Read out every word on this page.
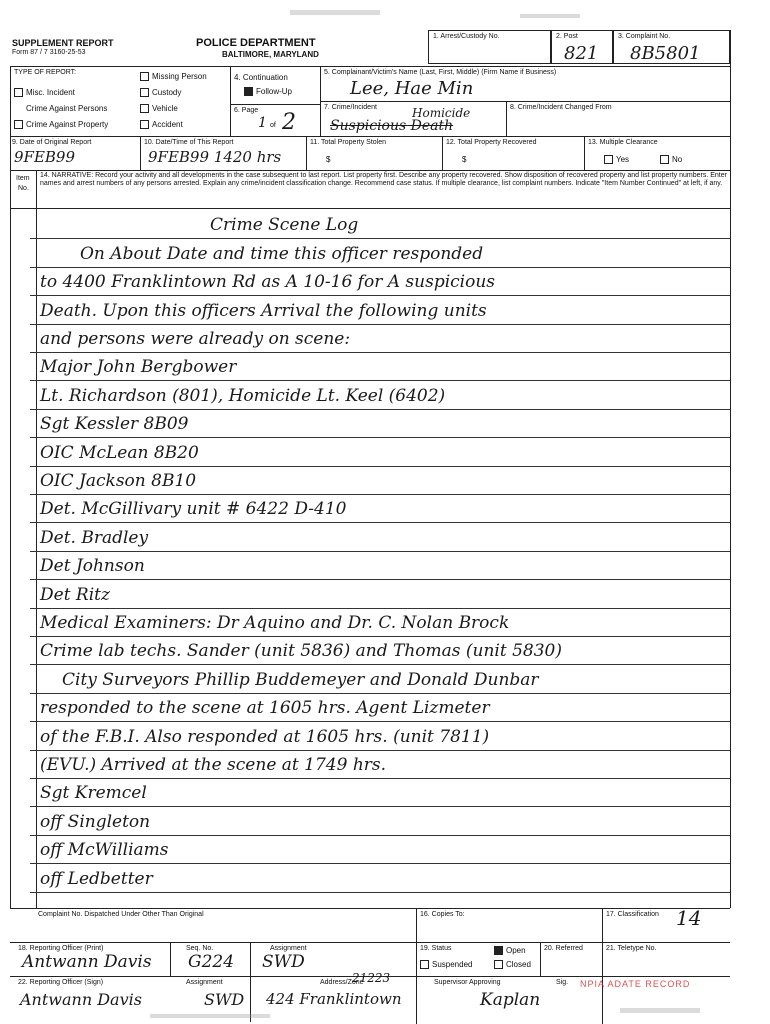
SUPPLEMENT REPORT
Form 87 / 7 3160-25-53
POLICE DEPARTMENT
BALTIMORE, MARYLAND
1. Arrest/Custody No.	2. Post
821
3. Complaint No.
8B5801
TYPE OF REPORT:
Misc. Incident
Crime Against Persons
Crime Against Property
Missing Person
Custody
Vehicle
Accident
4. Continuation
Follow-Up
6. Page
1 of 2
5. Complainant/Victim's Name (Last, First, Middle) (Firm Name if Business)
Lee, Hae Min
7. Crime/Incident	Homicide
Suspicious Death
8. Crime/Incident Changed From
9. Date of Original Report
9FEB99
10. Date/Time of This Report
9FEB99 1420 hrs
11. Total Property Stolen
$
12. Total Property Recovered
$
13. Multiple Clearance
Yes	No
Item
No.
14. NARRATIVE: Record your activity and all developments in the case subsequent to last report. List property first. Describe any property recovered. Show disposition of recovered property and list property numbers. Enter names and arrest numbers of any persons arrested. Explain any crime/incident classification change. Recommend case status. If multiple clearance, list complaint numbers. Indicate "Item Number Continued" at left, if any.
Crime Scene Log
On About Date and time this officer responded
to 4400 Franklintown Rd as A 10-16 for A suspicious
Death. Upon this officers Arrival the following units
and persons were already on scene:
Major John Bergbower
Lt. Richardson (801), Homicide Lt. Keel (6402)
Sgt Kessler 8B09
OIC McLean 8B20
OIC Jackson 8B10
Det. McGillivary unit # 6422 D-410
Det. Bradley
Det Johnson
Det Ritz
Medical Examiners: Dr Aquino and Dr. C. Nolan Brock
Crime lab techs. Sander (unit 5836) and Thomas (unit 5830)
City Surveyors Phillip Buddemeyer and Donald Dunbar
responded to the scene at 1605 hrs. Agent Lizmeter
of the F.B.I. Also responded at 1605 hrs. (unit 7811)
(EVU.) Arrived at the scene at 1749 hrs.
Sgt Kremcel
off Singleton
off McWilliams
off Ledbetter
Complaint No. Dispatched Under Other Than Original	16. Copies To:	17. Classification 14
18. Reporting Officer (Print)
Antwann Davis
Seq. No.
G224
Assignment
SWD
19. Status	Open
Suspended	Closed
20. Referred	21. Teletype No.
22. Reporting Officer (Sign)
Antwann Davis
Assignment
SWD
Address/Zone
21223
424 Franklintown
Supervisor Approving	Sig.
Kaplan
NPIA ADATE RECORD
